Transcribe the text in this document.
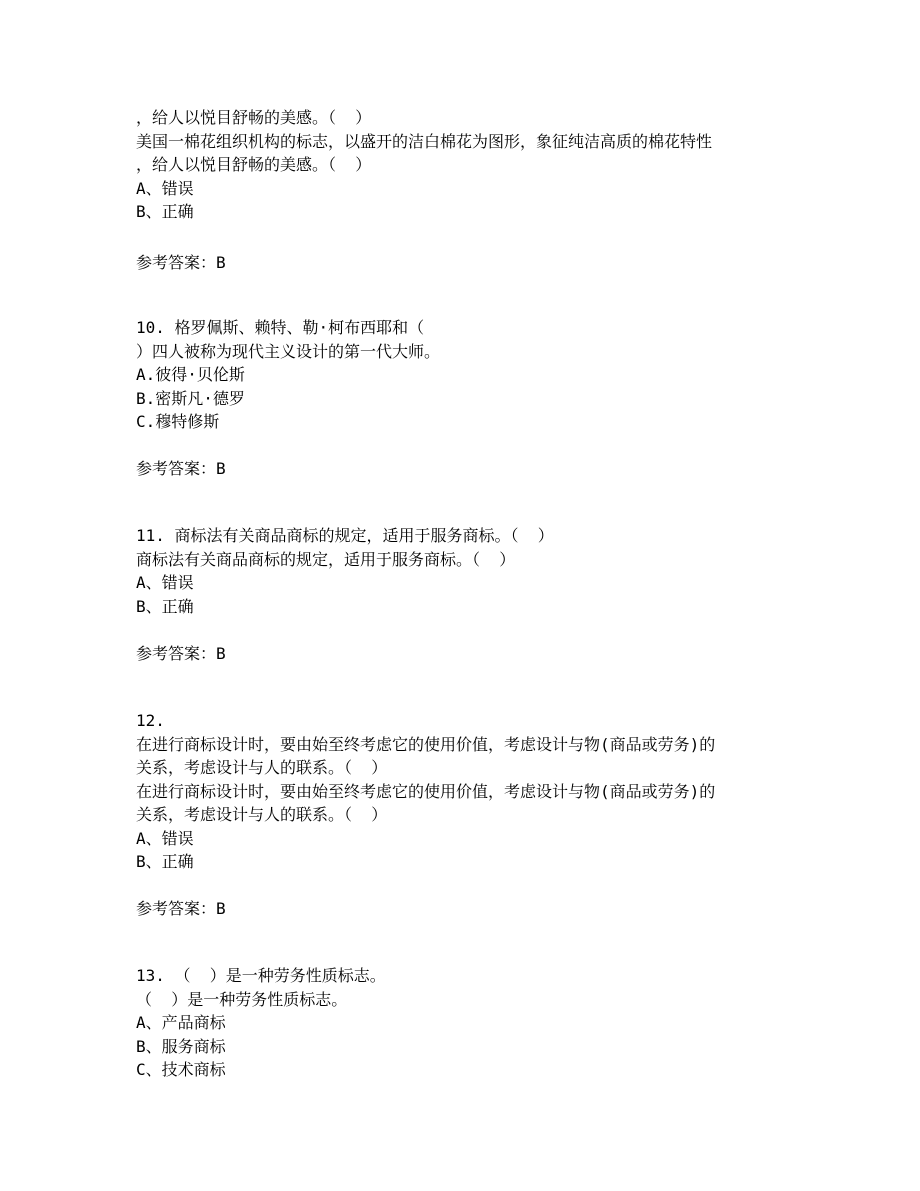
，给人以悦目舒畅的美感。（  ）
美国一棉花组织机构的标志，以盛开的洁白棉花为图形，象征纯洁高质的棉花特性
，给人以悦目舒畅的美感。（  ）
A、错误
B、正确
参考答案：B
10. 格罗佩斯、赖特、勒·柯布西耶和（
）四人被称为现代主义设计的第一代大师。
A.彼得·贝伦斯
B.密斯凡·德罗
C.穆特修斯
参考答案：B
11. 商标法有关商品商标的规定，适用于服务商标。（  ）
商标法有关商品商标的规定，适用于服务商标。（  ）
A、错误
B、正确
参考答案：B
12.
在进行商标设计时，要由始至终考虑它的使用价值，考虑设计与物(商品或劳务)的
关系，考虑设计与人的联系。（  ）
在进行商标设计时，要由始至终考虑它的使用价值，考虑设计与物(商品或劳务)的
关系，考虑设计与人的联系。（  ）
A、错误
B、正确
参考答案：B
13. （  ）是一种劳务性质标志。
（  ）是一种劳务性质标志。
A、产品商标
B、服务商标
C、技术商标
